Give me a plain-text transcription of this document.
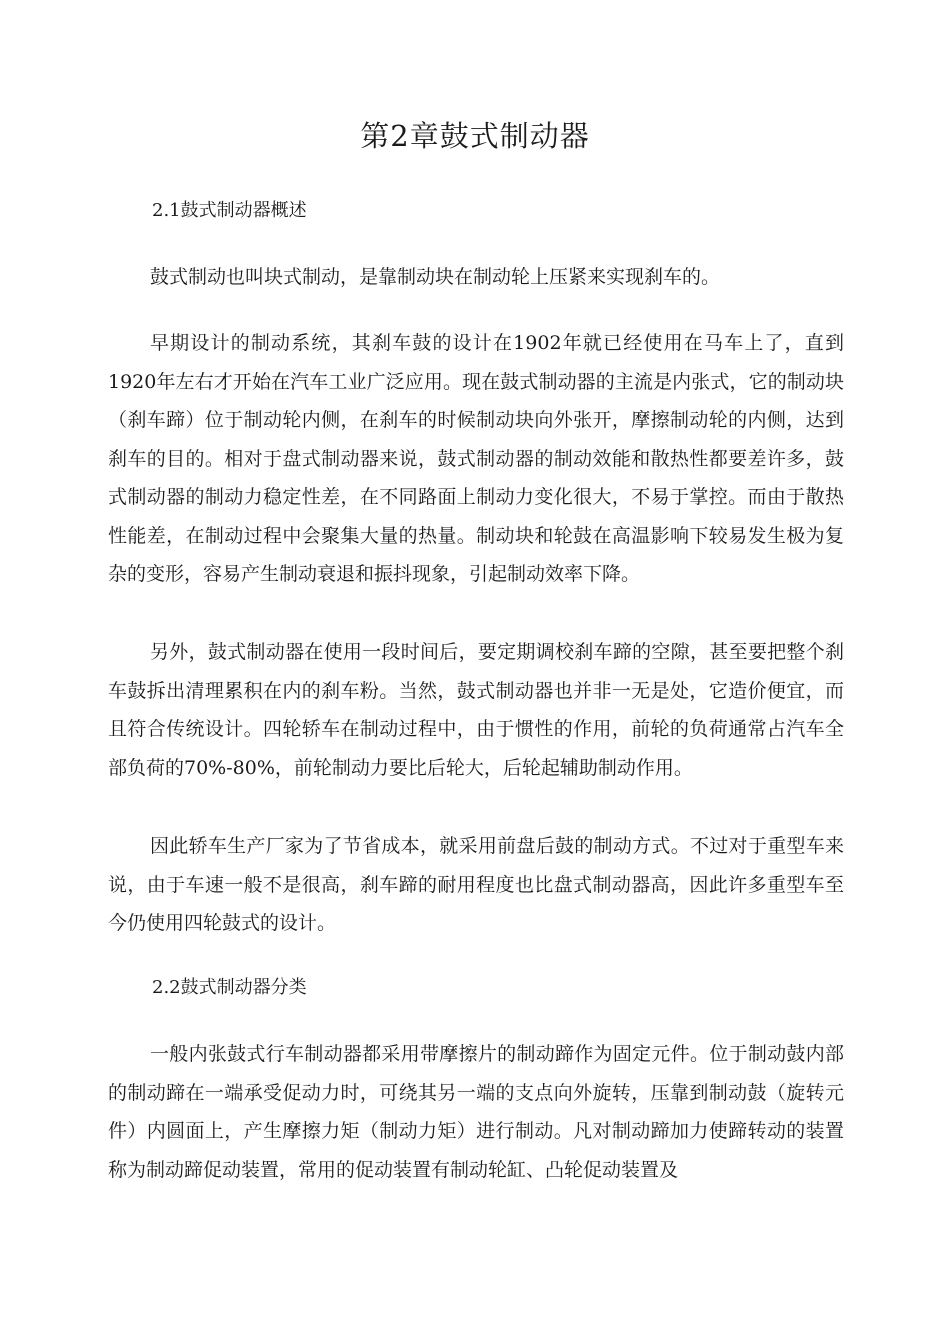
第2章鼓式制动器
2.1鼓式制动器概述

鼓式制动也叫块式制动，是靠制动块在制动轮上压紧来实现刹车的。

早期设计的制动系统，其刹车鼓的设计在1902年就已经使用在马车上了，直到1920年左右才开始在汽车工业广泛应用。现在鼓式制动器的主流是内张式，它的制动块（刹车蹄）位于制动轮内侧，在刹车的时候制动块向外张开，摩擦制动轮的内侧，达到刹车的目的。相对于盘式制动器来说，鼓式制动器的制动效能和散热性都要差许多，鼓式制动器的制动力稳定性差，在不同路面上制动力变化很大，不易于掌控。而由于散热性能差，在制动过程中会聚集大量的热量。制动块和轮鼓在高温影响下较易发生极为复杂的变形，容易产生制动衰退和振抖现象，引起制动效率下降。

另外，鼓式制动器在使用一段时间后，要定期调校刹车蹄的空隙，甚至要把整个刹车鼓拆出清理累积在内的刹车粉。当然，鼓式制动器也并非一无是处，它造价便宜，而且符合传统设计。四轮轿车在制动过程中，由于惯性的作用，前轮的负荷通常占汽车全部负荷的70%-80%，前轮制动力要比后轮大，后轮起辅助制动作用。

因此轿车生产厂家为了节省成本，就采用前盘后鼓的制动方式。不过对于重型车来说，由于车速一般不是很高，刹车蹄的耐用程度也比盘式制动器高，因此许多重型车至今仍使用四轮鼓式的设计。

2.2鼓式制动器分类

一般内张鼓式行车制动器都采用带摩擦片的制动蹄作为固定元件。位于制动鼓内部的制动蹄在一端承受促动力时，可绕其另一端的支点向外旋转，压靠到制动鼓（旋转元件）内圆面上，产生摩擦力矩（制动力矩）进行制动。凡对制动蹄加力使蹄转动的装置称为制动蹄促动装置，常用的促动装置有制动轮缸、凸轮促动装置及
